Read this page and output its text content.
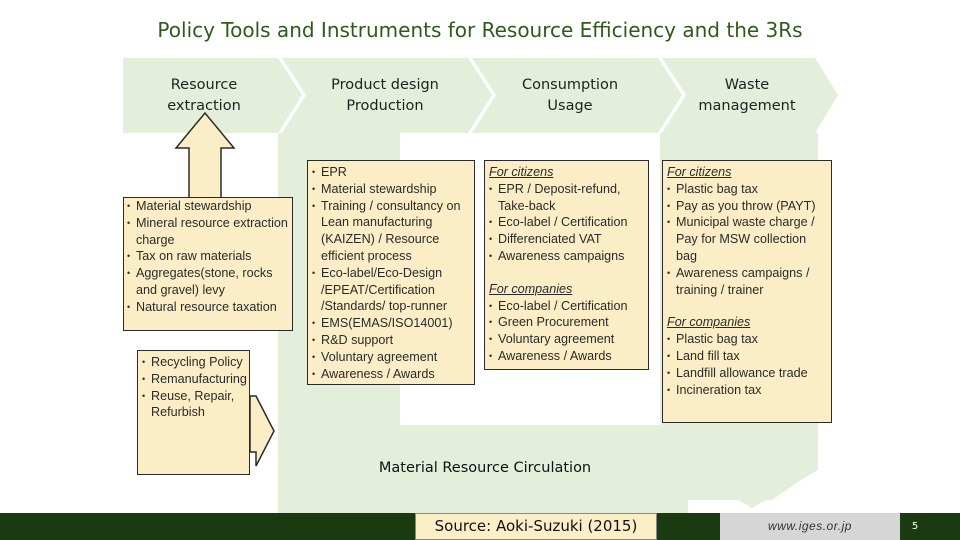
Policy Tools and Instruments for Resource Efficiency and the 3Rs
Resource
extraction
Product design
Production
Consumption
Usage
Waste
management
• Material stewardship
• Mineral resource extraction charge
• Tax on raw materials
• Aggregates(stone, rocks and gravel) levy
• Natural resource taxation
• Recycling Policy
• Remanufacturing
• Reuse, Repair, Refurbish
• EPR
• Material stewardship
• Training / consultancy on Lean manufacturing (KAIZEN) / Resource efficient process
• Eco-label/Eco-Design /EPEAT/Certification /Standards/ top-runner
• EMS(EMAS/ISO14001)
• R&D support
• Voluntary agreement
• Awareness / Awards
For citizens
• EPR / Deposit-refund, Take-back
• Eco-label / Certification
• Differenciated VAT
• Awareness campaigns
For companies
• Eco-label / Certification
• Green Procurement
• Voluntary agreement
• Awareness / Awards
For citizens
• Plastic bag tax
• Pay as you throw (PAYT)
• Municipal waste charge / Pay for MSW collection bag
• Awareness campaigns / training / trainer
For companies
• Plastic bag tax
• Land fill tax
• Landfill allowance trade
• Incineration tax
Material Resource Circulation
Source: Aoki-Suzuki (2015)	www.iges.or.jp	5
